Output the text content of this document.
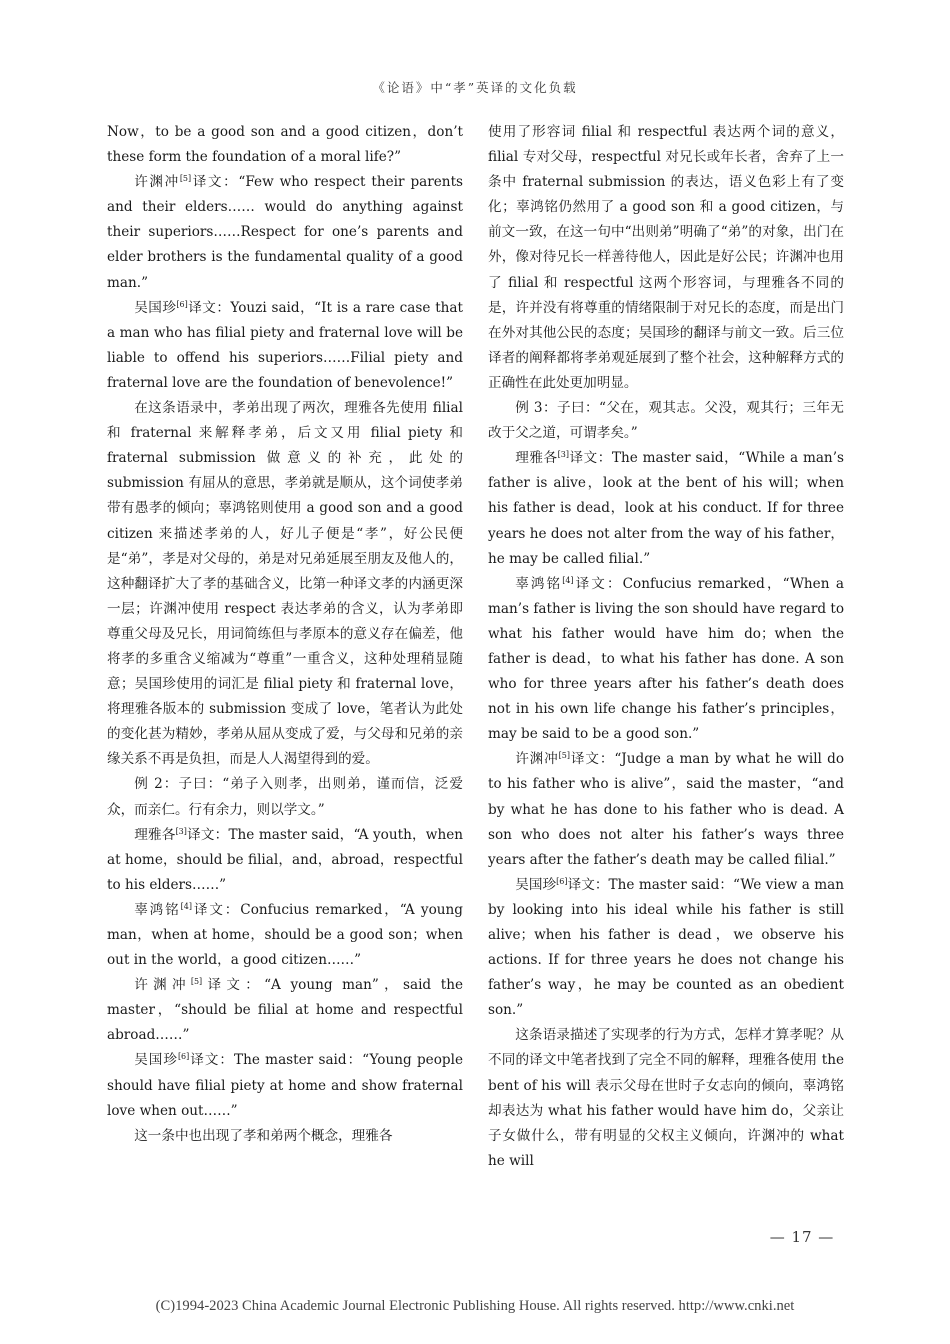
《论语》中“孝”英译的文化负载

Now，to be a good son and a good citizen，don’t these form the foundation of a moral life?”

许渊冲[5]译文：“Few who respect their parents and their elders…… would do anything against their superiors……Respect for one’s parents and elder brothers is the fundamental quality of a good man.”

吴国珍[6]译文：Youzi said，“It is a rare case that a man who has filial piety and fraternal love will be liable to offend his superiors……Filial piety and fraternal love are the foundation of benevolence!”

在这条语录中，孝弟出现了两次，理雅各先使用 filial 和 fraternal 来解释孝弟，后文又用 filial piety 和 fraternal submission 做意义的补充，此处的 submission 有屈从的意思，孝弟就是顺从，这个词使孝弟带有愚孝的倾向；辜鸿铭则使用 a good son and a good citizen 来描述孝弟的人，好儿子便是“孝”，好公民便是“弟”，孝是对父母的，弟是对兄弟延展至朋友及他人的，这种翻译扩大了孝的基础含义，比第一种译文孝的内涵更深一层；许渊冲使用 respect 表达孝弟的含义，认为孝弟即尊重父母及兄长，用词简练但与孝原本的意义存在偏差，他将孝的多重含义缩减为“尊重”一重含义，这种处理稍显随意；吴国珍使用的词汇是 filial piety 和 fraternal love，将理雅各版本的 submission 变成了 love，笔者认为此处的变化甚为精妙，孝弟从屈从变成了爱，与父母和兄弟的亲缘关系不再是负担，而是人人渴望得到的爱。

例 2：子曰：“弟子入则孝，出则弟，谨而信，泛爱众，而亲仁。行有余力，则以学文。”

理雅各[3]译文：The master said，“A youth，when at home，should be filial，and，abroad，respectful to his elders……”

辜鸿铭[4]译文：Confucius remarked，“A young man，when at home，should be a good son；when out in the world，a good citizen……”

许渊冲[5]译文：“A young man”，said the master，“should be filial at home and respectful abroad……”

吴国珍[6]译文：The master said：“Young people should have filial piety at home and show fraternal love when out……”

这一条中也出现了孝和弟两个概念，理雅各

使用了形容词 filial 和 respectful 表达两个词的意义，filial 专对父母，respectful 对兄长或年长者，舍弃了上一条中 fraternal submission 的表达，语义色彩上有了变化；辜鸿铭仍然用了 a good son 和 a good citizen，与前文一致，在这一句中“出则弟”明确了“弟”的对象，出门在外，像对待兄长一样善待他人，因此是好公民；许渊冲也用了 filial 和 respectful 这两个形容词，与理雅各不同的是，许并没有将尊重的情绪限制于对兄长的态度，而是出门在外对其他公民的态度；吴国珍的翻译与前文一致。后三位译者的阐释都将孝弟观延展到了整个社会，这种解释方式的正确性在此处更加明显。

例 3：子曰：“父在，观其志。父没，观其行；三年无改于父之道，可谓孝矣。”

理雅各[3]译文：The master said，“While a man’s father is alive，look at the bent of his will；when his father is dead，look at his conduct. If for three years he does not alter from the way of his father，he may be called filial.”

辜鸿铭[4]译文：Confucius remarked，“When a man’s father is living the son should have regard to what his father would have him do；when the father is dead，to what his father has done. A son who for three years after his father’s death does not in his own life change his father’s principles，may be said to be a good son.”

许渊冲[5]译文：“Judge a man by what he will do to his father who is alive”，said the master，“and by what he has done to his father who is dead. A son who does not alter his father’s ways three years after the father’s death may be called filial.”

吴国珍[6]译文：The master said：“We view a man by looking into his ideal while his father is still alive；when his father is dead，we observe his actions. If for three years he does not change his father’s way，he may be counted as an obedient son.”

这条语录描述了实现孝的行为方式，怎样才算孝呢？从不同的译文中笔者找到了完全不同的解释，理雅各使用 the bent of his will 表示父母在世时子女志向的倾向，辜鸿铭却表达为 what his father would have him do，父亲让子女做什么，带有明显的父权主义倾向，许渊冲的 what he will

— 17 —
(C)1994-2023 China Academic Journal Electronic Publishing House. All rights reserved. http://www.cnki.net
